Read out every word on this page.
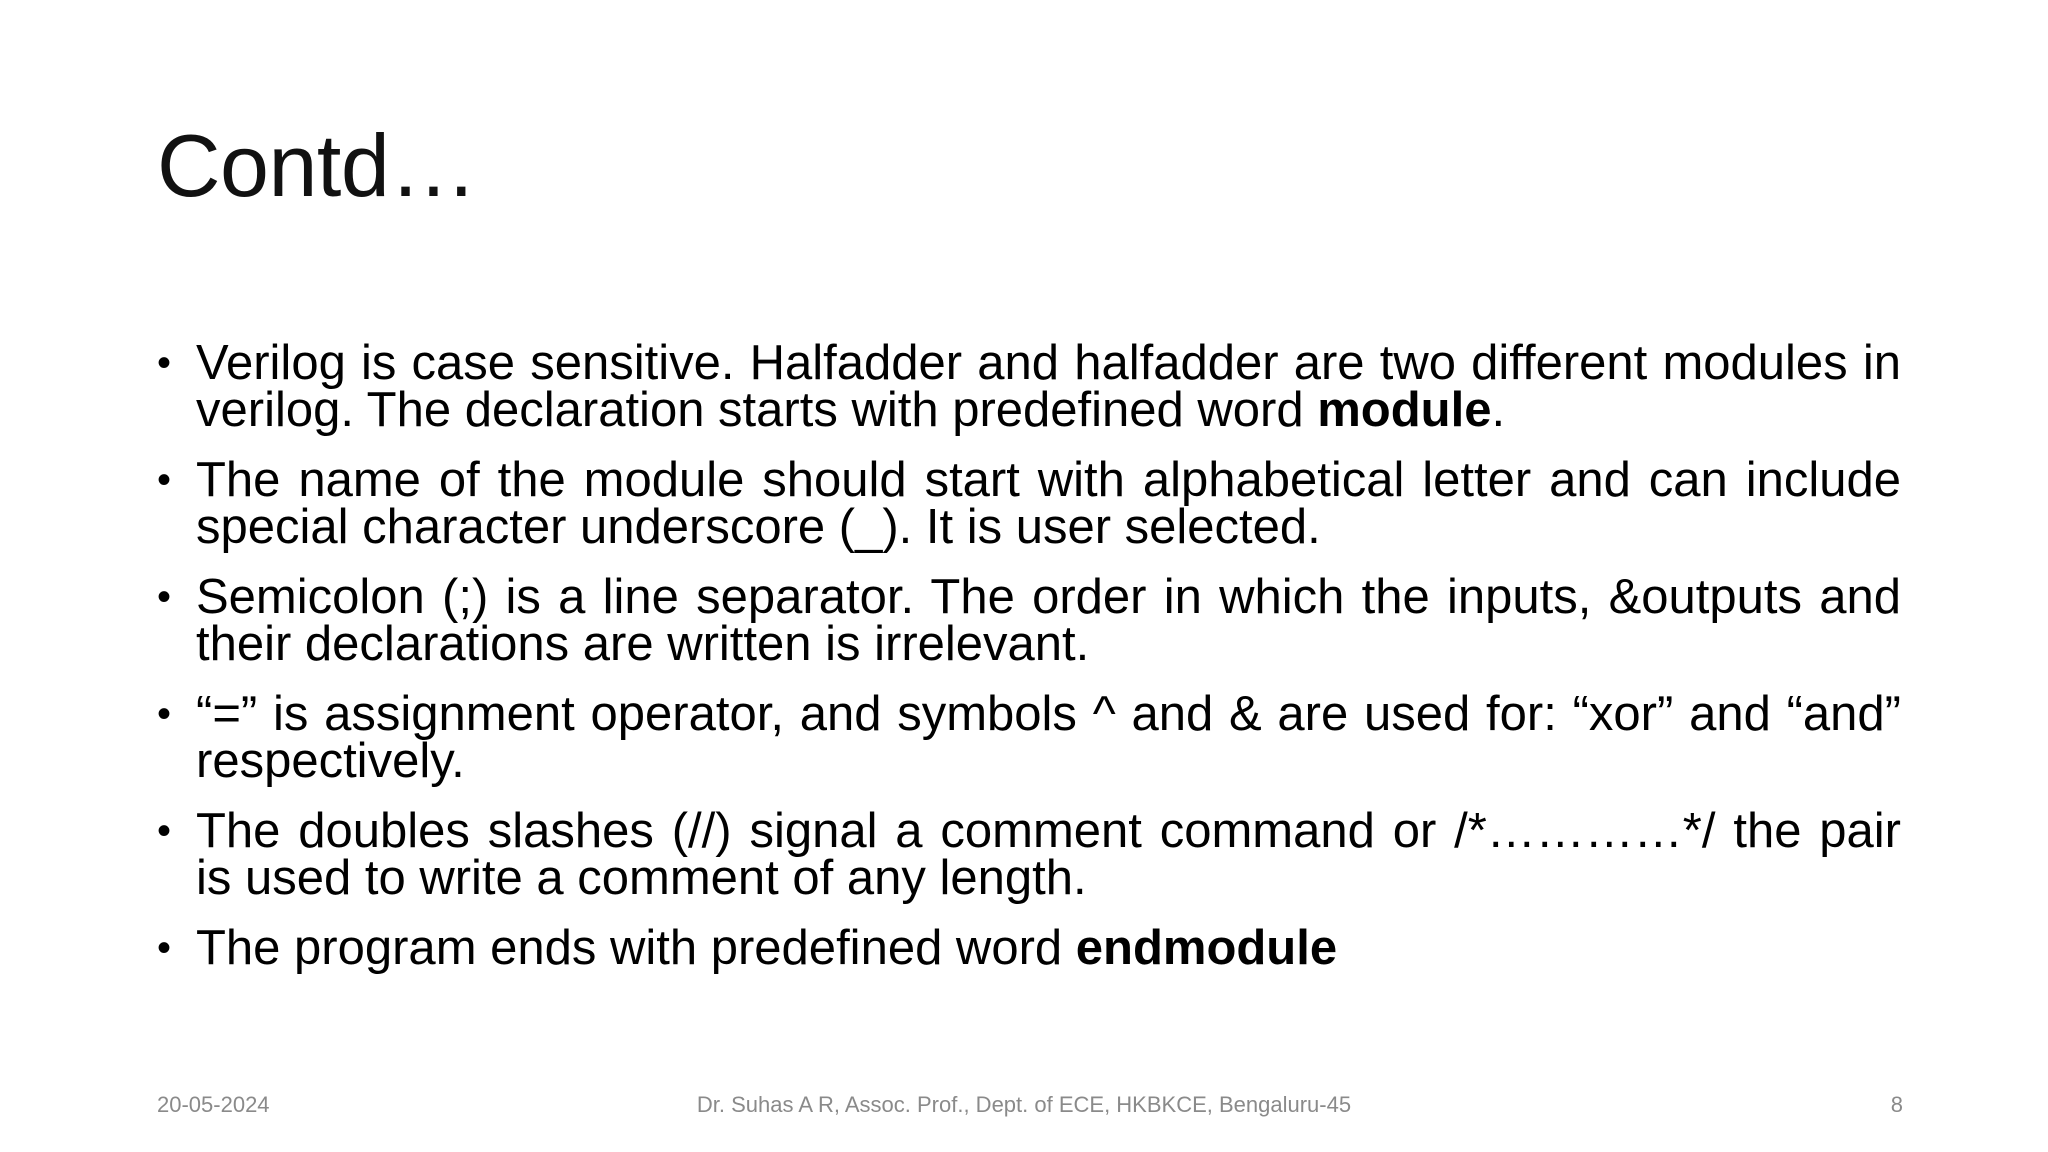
Contd…
• Verilog is case sensitive. Halfadder and halfadder are two different modules in verilog. The declaration starts with predefined word module.
• The name of the module should start with alphabetical letter and can include special character underscore (_). It is user selected.
• Semicolon (;) is a line separator. The order in which the inputs, &outputs and their declarations are written is irrelevant.
• “=” is assignment operator, and symbols ^ and & are used for: “xor” and “and” respectively.
• The doubles slashes (//) signal a comment command or /*…………*/ the pair is used to write a comment of any length.
• The program ends with predefined word endmodule
20-05-2024	Dr. Suhas A R, Assoc. Prof., Dept. of ECE, HKBKCE, Bengaluru-45	8
